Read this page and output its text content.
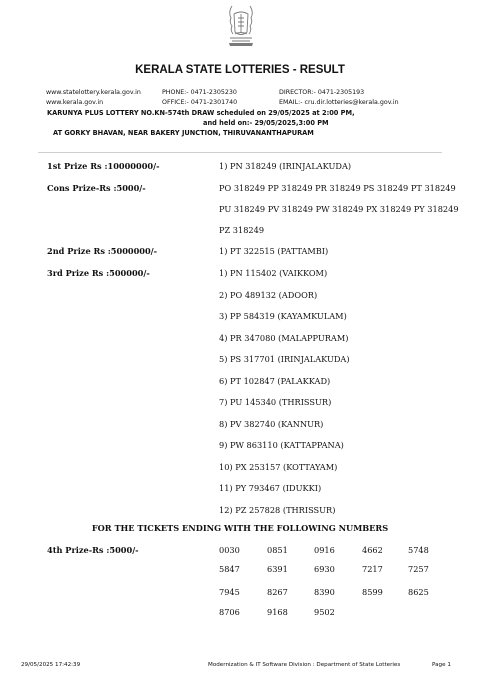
KERALA STATE LOTTERIES - RESULT
www.statelottery.kerala.gov.in
www.kerala.gov.in
PHONE:- 0471-2305230
OFFICE:- 0471-2301740
DIRECTOR:- 0471-2305193
EMAIL:- cru.dir.lotteries@kerala.gov.in
KARUNYA PLUS LOTTERY NO.KN-574th DRAW scheduled on 29/05/2025 at 2:00 PM,
and held on:- 29/05/2025,3:00 PM
AT GORKY BHAVAN, NEAR BAKERY JUNCTION, THIRUVANANTHAPURAM
1st Prize Rs :10000000/-	1) PN 318249 (IRINJALAKUDA)
Cons Prize-Rs :5000/-	PO 318249 PP 318249 PR 318249 PS 318249 PT 318249
PU 318249 PV 318249 PW 318249 PX 318249 PY 318249
PZ 318249
2nd Prize Rs :5000000/-	1) PT 322515 (PATTAMBI)
3rd Prize Rs :500000/-	1) PN 115402 (VAIKKOM)
2) PO 489132 (ADOOR)
3) PP 584319 (KAYAMKULAM)
4) PR 347080 (MALAPPURAM)
5) PS 317701 (IRINJALAKUDA)
6) PT 102847 (PALAKKAD)
7) PU 145340 (THRISSUR)
8) PV 382740 (KANNUR)
9) PW 863110 (KATTAPPANA)
10) PX 253157 (KOTTAYAM)
11) PY 793467 (IDUKKI)
12) PZ 257828 (THRISSUR)
FOR THE TICKETS ENDING WITH THE FOLLOWING NUMBERS
4th Prize-Rs :5000/-	0030	0851	0916	4662	5748
5847	6391	6930	7217	7257
7945	8267	8390	8599	8625
8706	9168	9502
29/05/2025 17:42:39	Modernization & IT Software Division : Department of State Lotteries	Page 1
